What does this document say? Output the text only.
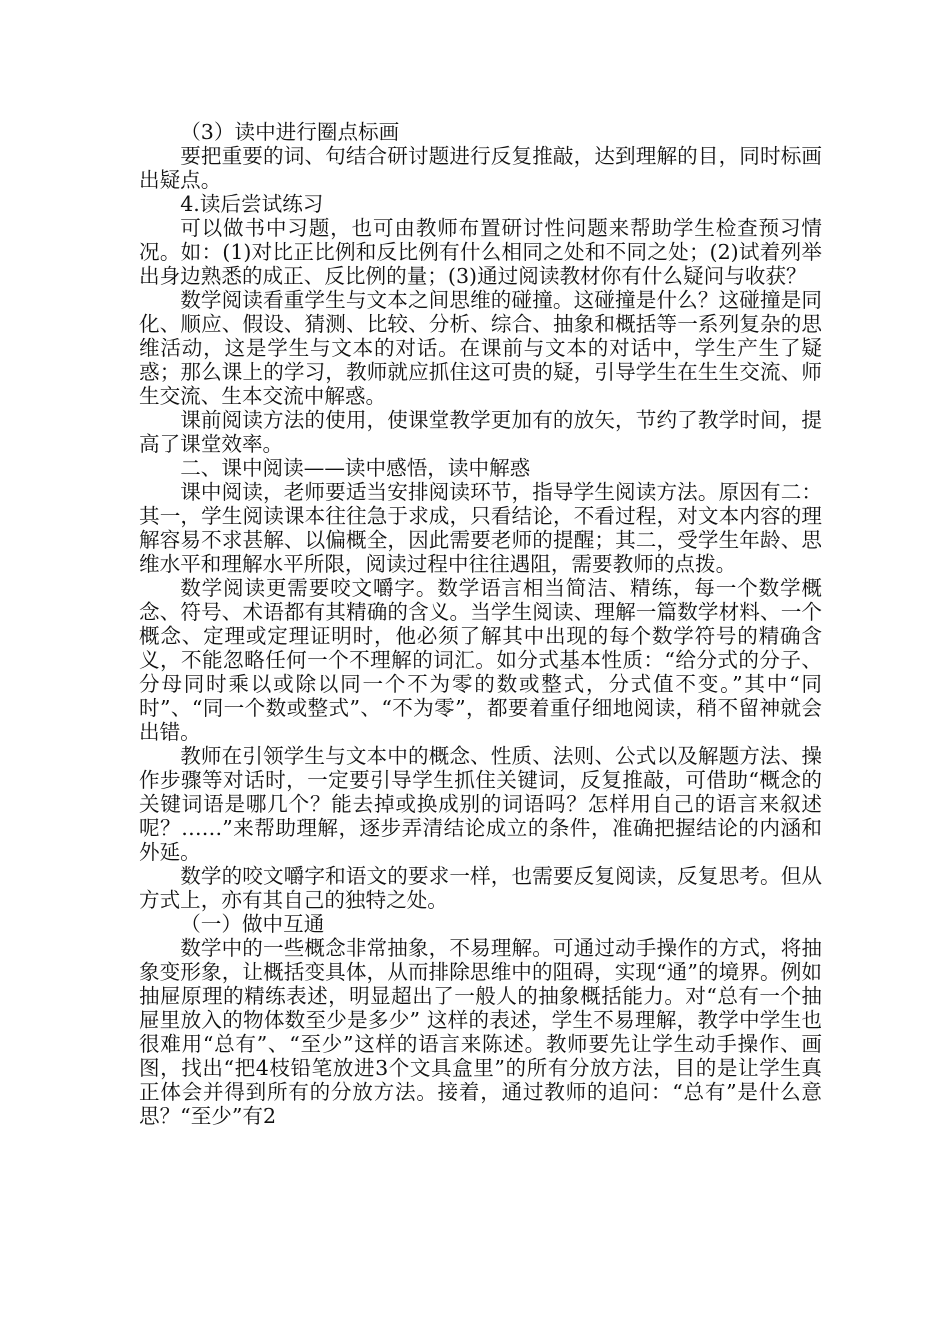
（3）读中进行圈点标画

要把重要的词、句结合研讨题进行反复推敲，达到理解的目，同时标画出疑点。

4.读后尝试练习

可以做书中习题，也可由教师布置研讨性问题来帮助学生检查预习情况。如：(1)对比正比例和反比例有什么相同之处和不同之处；(2)试着列举出身边熟悉的成正、反比例的量；(3)通过阅读教材你有什么疑问与收获？

数学阅读看重学生与文本之间思维的碰撞。这碰撞是什么？这碰撞是同化、顺应、假设、猜测、比较、分析、综合、抽象和概括等一系列复杂的思维活动，这是学生与文本的对话。在课前与文本的对话中，学生产生了疑惑；那么课上的学习，教师就应抓住这可贵的疑，引导学生在生生交流、师生交流、生本交流中解惑。

课前阅读方法的使用，使课堂教学更加有的放矢，节约了教学时间，提高了课堂效率。

二、课中阅读——读中感悟，读中解惑

课中阅读，老师要适当安排阅读环节，指导学生阅读方法。原因有二：其一，学生阅读课本往往急于求成，只看结论，不看过程，对文本内容的理解容易不求甚解、以偏概全，因此需要老师的提醒；其二，受学生年龄、思维水平和理解水平所限，阅读过程中往往遇阻，需要教师的点拨。

数学阅读更需要咬文嚼字。数学语言相当简洁、精练，每一个数学概念、符号、术语都有其精确的含义。当学生阅读、理解一篇数学材料、一个概念、定理或定理证明时，他必须了解其中出现的每个数学符号的精确含义，不能忽略任何一个不理解的词汇。如分式基本性质：“给分式的分子、分母同时乘以或除以同一个不为零的数或整式，分式值不变。”其中“同时”、“同一个数或整式”、“不为零”，都要着重仔细地阅读，稍不留神就会出错。

教师在引领学生与文本中的概念、性质、法则、公式以及解题方法、操作步骤等对话时，一定要引导学生抓住关键词，反复推敲，可借助“概念的关键词语是哪几个？能去掉或换成别的词语吗？怎样用自己的语言来叙述呢？……”来帮助理解，逐步弄清结论成立的条件，准确把握结论的内涵和外延。

数学的咬文嚼字和语文的要求一样，也需要反复阅读，反复思考。但从方式上，亦有其自己的独特之处。

（一）做中互通

数学中的一些概念非常抽象，不易理解。可通过动手操作的方式，将抽象变形象，让概括变具体，从而排除思维中的阻碍，实现“通”的境界。例如抽屉原理的精练表述，明显超出了一般人的抽象概括能力。对“总有一个抽屉里放入的物体数至少是多少” 这样的表述，学生不易理解，教学中学生也很难用“总有”、“至少”这样的语言来陈述。教师要先让学生动手操作、画图，找出“把4枝铅笔放进3个文具盒里”的所有分放方法，目的是让学生真正体会并得到所有的分放方法。接着，通过教师的追问：“总有”是什么意思？“至少”有2
